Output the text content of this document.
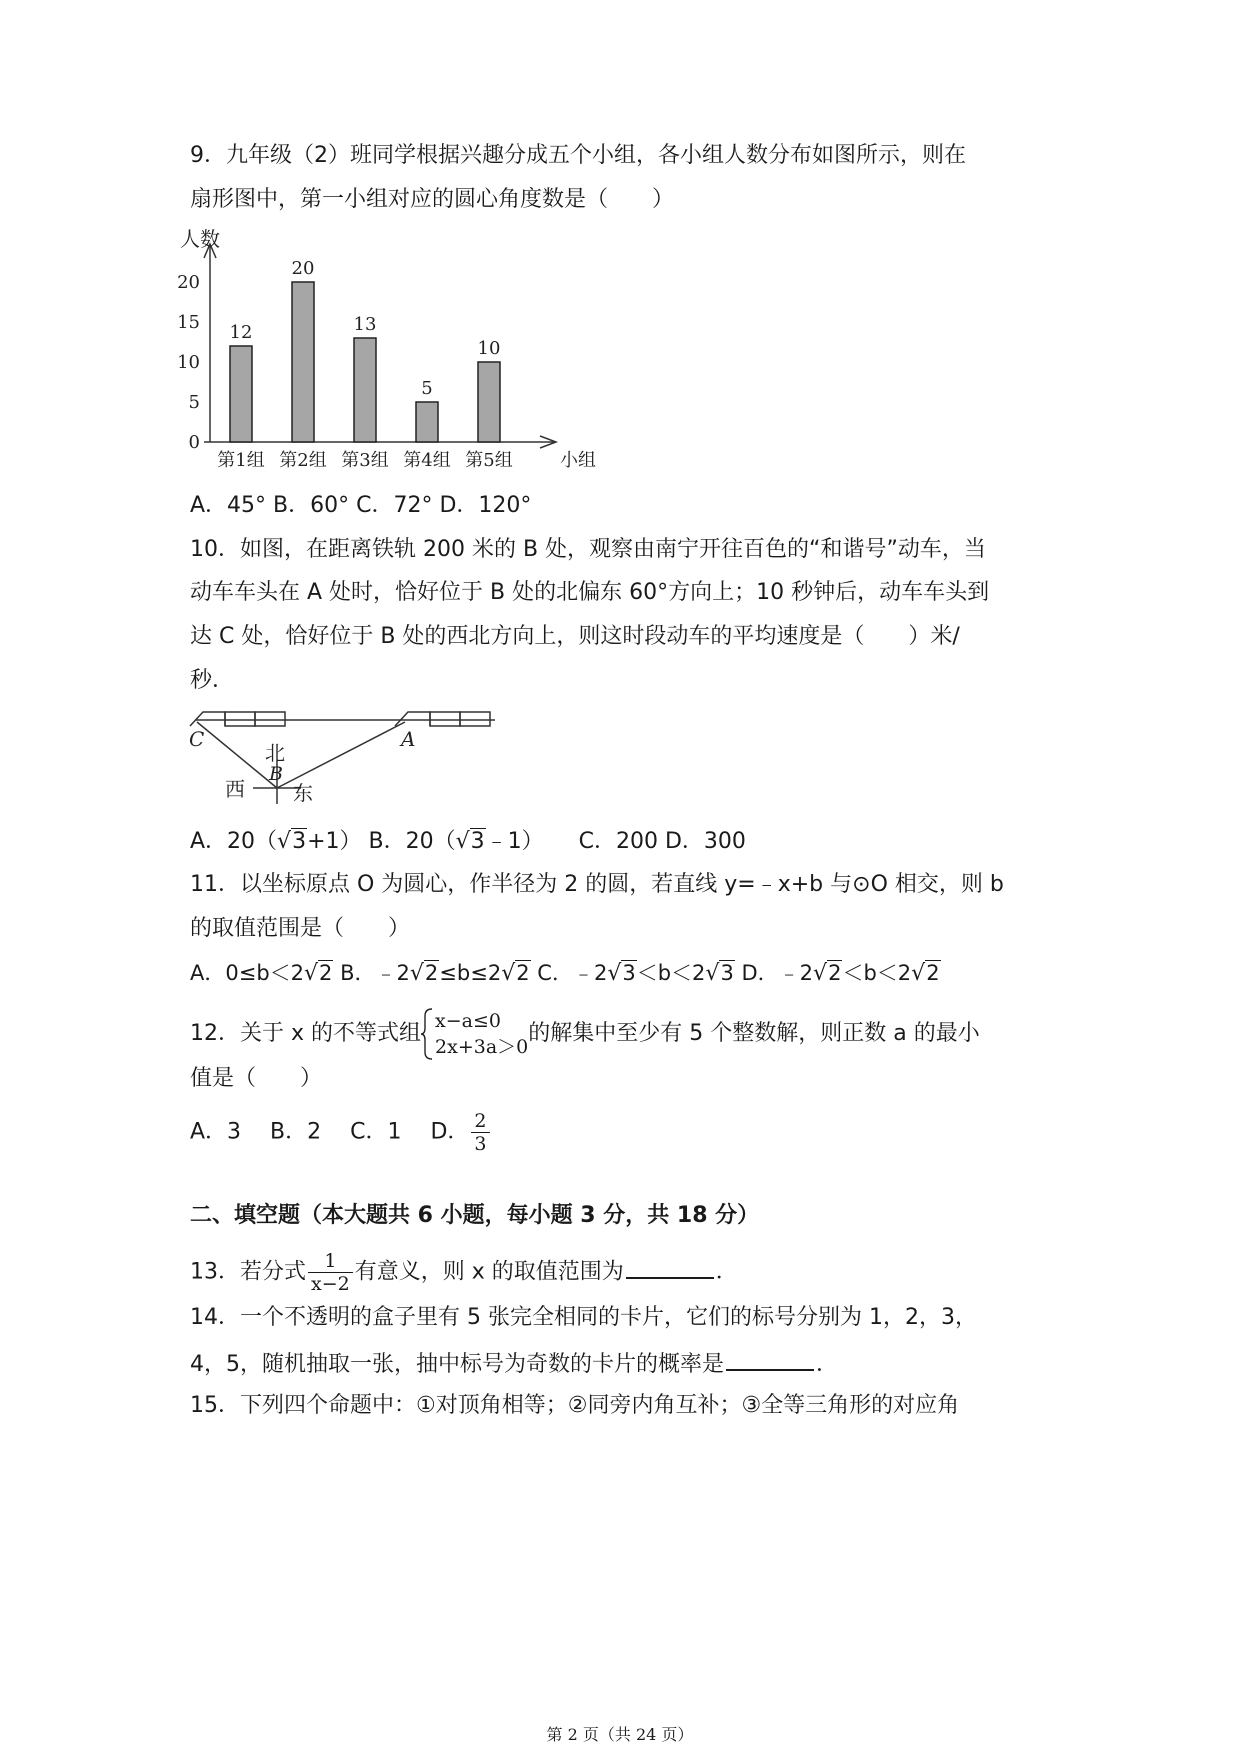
9．九年级（2）班同学根据兴趣分成五个小组，各小组人数分布如图所示，则在
扇形图中，第一小组对应的圆心角度数是（　　）
人数
小组
0
5
10
15
20
12
第1组
20
第2组
13
第3组
5
第4组
10
第5组
A．45° B．60° C．72° D．120°
10．如图，在距离铁轨 200 米的 B 处，观察由南宁开往百色的“和谐号”动车，当
动车车头在 A 处时，恰好位于 B 处的北偏东 60°方向上；10 秒钟后，动车车头到
达 C 处，恰好位于 B 处的西北方向上，则这时段动车的平均速度是（　　）米/
秒．
C	A
B
北
西 东
A．20（√3+1） B．20（√3﹣1） C．200 D．300
11．以坐标原点 O 为圆心，作半径为 2 的圆，若直线 y=﹣x+b 与⊙O 相交，则 b
的取值范围是（　　）
A．0≤b＜2√2 B．﹣2√2≤b≤2√2 C．﹣2√3＜b＜2√3 D．﹣2√2＜b＜2√2
12．关于 x 的不等式组 x−a≤0
2x+3a＞0
的解集中至少有 5 个整数解，则正数 a 的最小
值是（　　）
A．3　 B．2　 C．1　 D． $\frac{2}{3}$
二、填空题（本大题共 6 小题，每小题 3 分，共 18 分）
13．若分式 $\frac{1}{x-2}$ 有意义，则 x 的取值范围为	．
14．一个不透明的盒子里有 5 张完全相同的卡片，它们的标号分别为 1，2，3，
4，5，随机抽取一张，抽中标号为奇数的卡片的概率是	．
15．下列四个命题中：①对顶角相等；②同旁内角互补；③全等三角形的对应角
第 2 页（共 24 页）
